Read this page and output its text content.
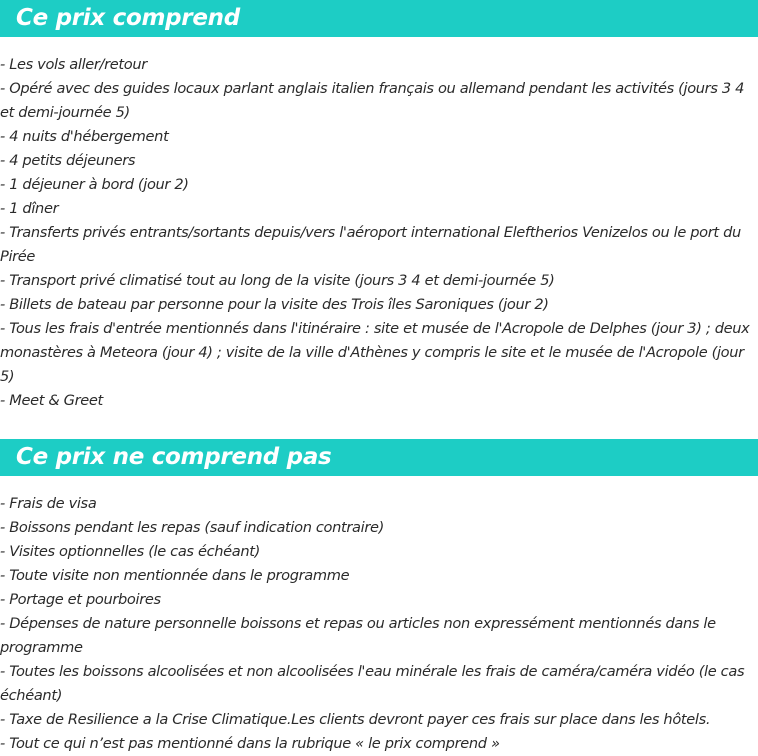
Ce prix comprend
- Les vols aller/retour
- Opéré avec des guides locaux parlant anglais italien français ou allemand pendant les activités (jours 3 4 et demi-journée 5)
- 4 nuits d'hébergement
- 4 petits déjeuners
- 1 déjeuner à bord (jour 2)
- 1 dîner
- Transferts privés entrants/sortants depuis/vers l'aéroport international Eleftherios Venizelos ou le port du Pirée
- Transport privé climatisé tout au long de la visite (jours 3 4 et demi-journée 5)
- Billets de bateau par personne pour la visite des Trois îles Saroniques (jour 2)
- Tous les frais d'entrée mentionnés dans l'itinéraire : site et musée de l'Acropole de Delphes (jour 3) ; deux monastères à Meteora (jour 4) ; visite de la ville d'Athènes y compris le site et le musée de l'Acropole (jour 5)
- Meet & Greet
Ce prix ne comprend pas
- Frais de visa
- Boissons pendant les repas (sauf indication contraire)
- Visites optionnelles (le cas échéant)
- Toute visite non mentionnée dans le programme
- Portage et pourboires
- Dépenses de nature personnelle boissons et repas ou articles non expressément mentionnés dans le programme
- Toutes les boissons alcoolisées et non alcoolisées l'eau minérale les frais de caméra/caméra vidéo (le cas échéant)
- Taxe de Resilience a la Crise Climatique.Les clients devront payer ces frais sur place dans les hôtels.
- Tout ce qui n’est pas mentionné dans la rubrique « le prix comprend »
